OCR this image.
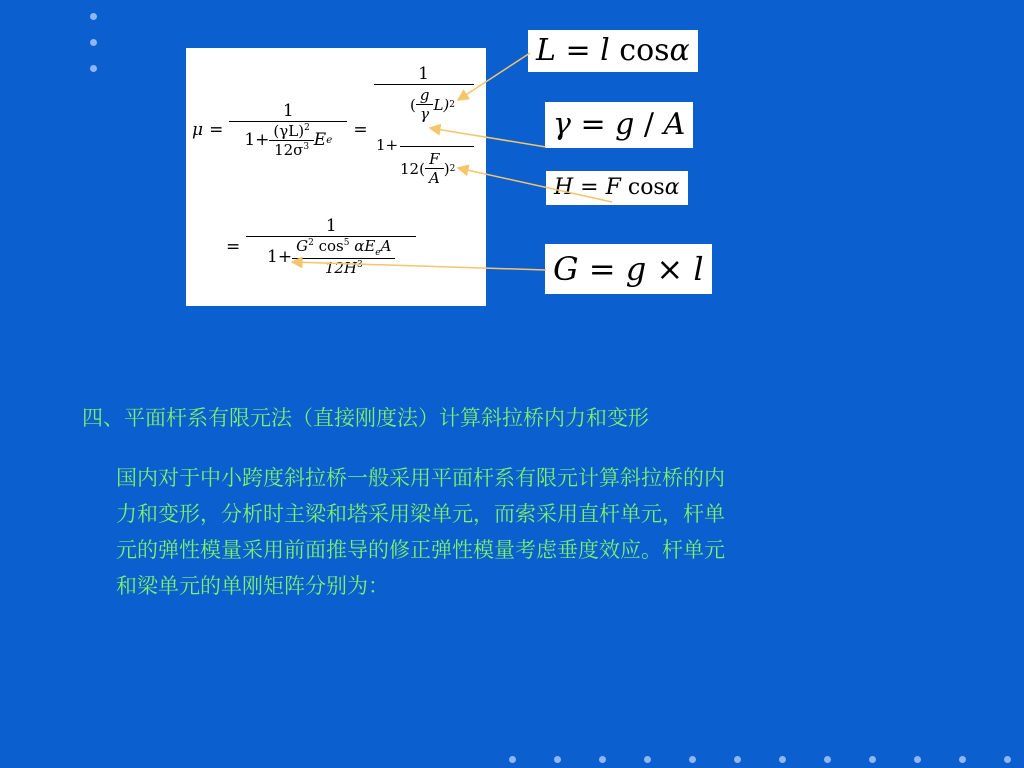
μ =
1
$1+ \frac{(\gamma L)^2}{12\sigma^3}$ E e
=
1
( $\frac{g}{\gamma} L$) 2
1+
$12( \frac{F}{A}$ ) 2
=
1
$1+ \frac{G^2 \cos^5 \alpha E_eA}{12H^3}$
L = l cosα
γ = g / A
H = F cosα
G = g × l
四、平面杆系有限元法（直接刚度法）计算斜拉桥内力和变形
国内对于中小跨度斜拉桥一般采用平面杆系有限元计算斜拉桥的内
力和变形，分析时主梁和塔采用梁单元，而索采用直杆单元，杆单
元的弹性模量采用前面推导的修正弹性模量考虑垂度效应。杆单元
和梁单元的单刚矩阵分别为：
